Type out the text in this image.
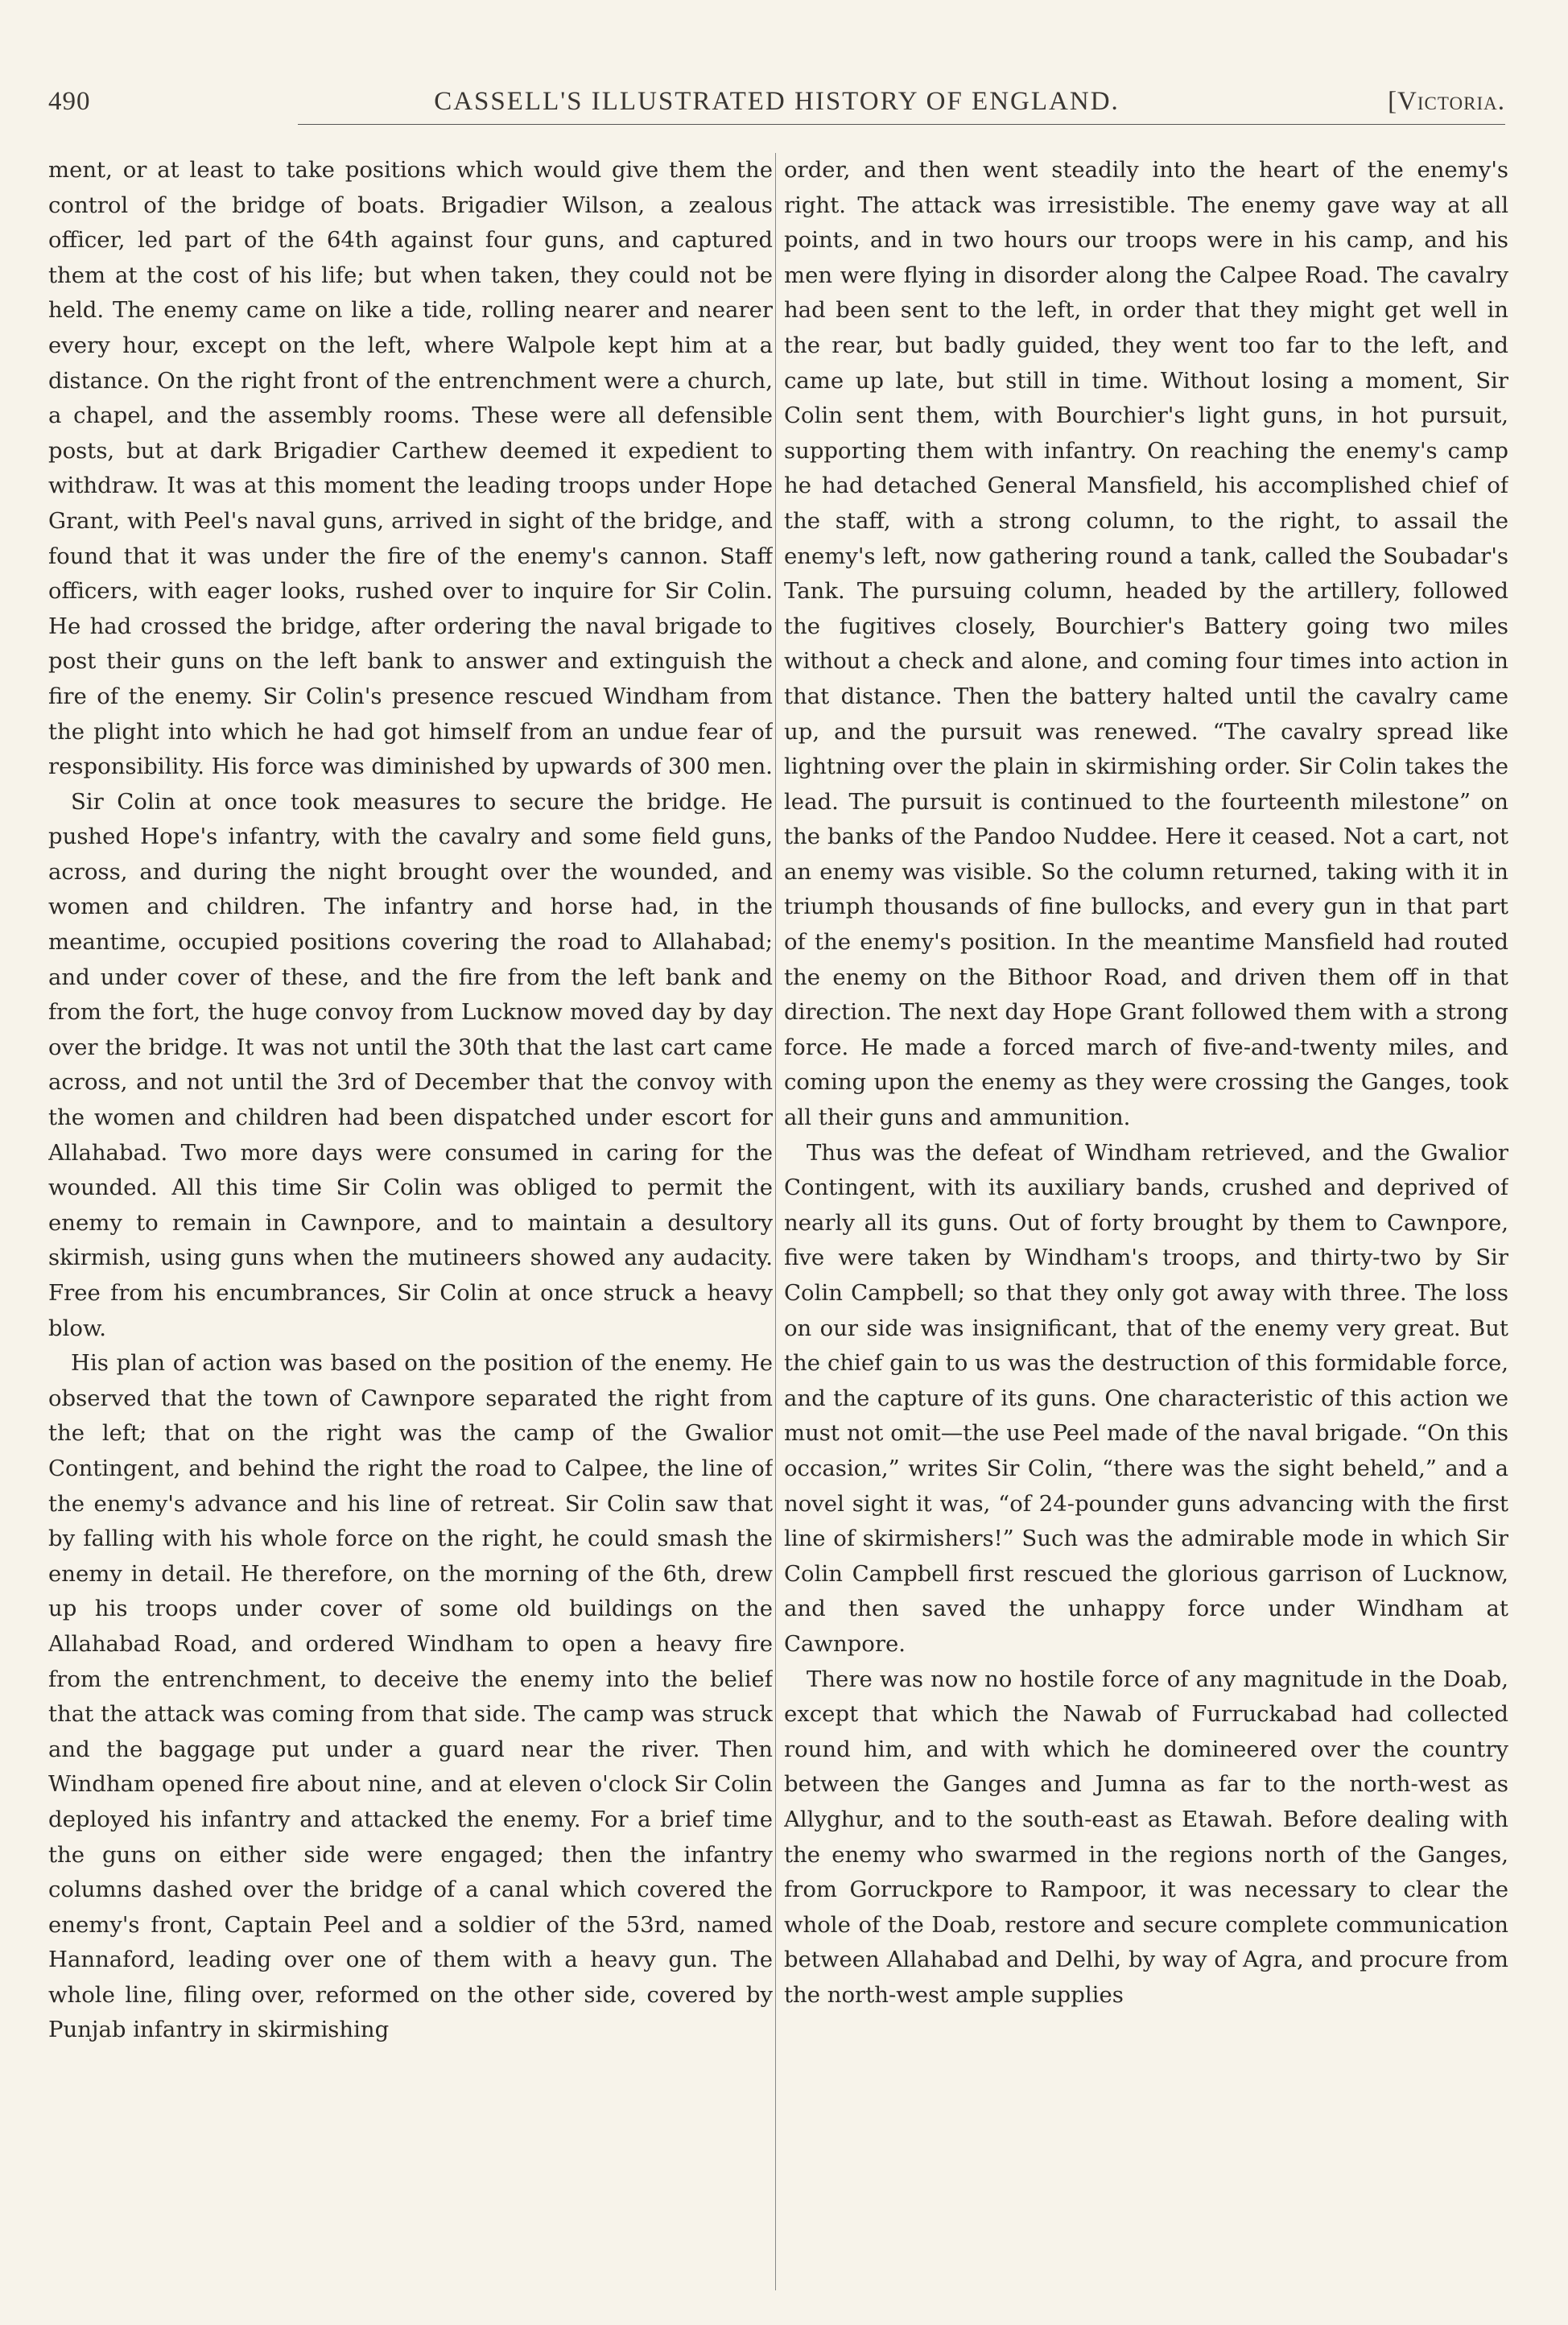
490	CASSELL'S ILLUSTRATED HISTORY OF ENGLAND.	[Victoria.

ment, or at least to take positions which would give them the control of the bridge of boats. Brigadier Wilson, a zealous officer, led part of the 64th against four guns, and captured them at the cost of his life; but when taken, they could not be held. The enemy came on like a tide, rolling nearer and nearer every hour, except on the left, where Walpole kept him at a distance. On the right front of the entrenchment were a church, a chapel, and the assembly rooms. These were all defensible posts, but at dark Brigadier Carthew deemed it expedient to withdraw. It was at this moment the leading troops under Hope Grant, with Peel's naval guns, arrived in sight of the bridge, and found that it was under the fire of the enemy's cannon. Staff officers, with eager looks, rushed over to inquire for Sir Colin. He had crossed the bridge, after ordering the naval brigade to post their guns on the left bank to answer and extinguish the fire of the enemy. Sir Colin's presence rescued Windham from the plight into which he had got himself from an undue fear of responsibility. His force was diminished by upwards of 300 men.

Sir Colin at once took measures to secure the bridge. He pushed Hope's infantry, with the cavalry and some field guns, across, and during the night brought over the wounded, and women and children. The infantry and horse had, in the meantime, occupied positions covering the road to Allahabad; and under cover of these, and the fire from the left bank and from the fort, the huge convoy from Lucknow moved day by day over the bridge. It was not until the 30th that the last cart came across, and not until the 3rd of December that the convoy with the women and children had been dispatched under escort for Allahabad. Two more days were consumed in caring for the wounded. All this time Sir Colin was obliged to permit the enemy to remain in Cawnpore, and to maintain a desultory skirmish, using guns when the mutineers showed any audacity. Free from his encumbrances, Sir Colin at once struck a heavy blow.

His plan of action was based on the position of the enemy. He observed that the town of Cawnpore separated the right from the left; that on the right was the camp of the Gwalior Contingent, and behind the right the road to Calpee, the line of the enemy's advance and his line of retreat. Sir Colin saw that by falling with his whole force on the right, he could smash the enemy in detail. He therefore, on the morning of the 6th, drew up his troops under cover of some old buildings on the Allahabad Road, and ordered Windham to open a heavy fire from the entrenchment, to deceive the enemy into the belief that the attack was coming from that side. The camp was struck and the baggage put under a guard near the river. Then Windham opened fire about nine, and at eleven o'clock Sir Colin deployed his infantry and attacked the enemy. For a brief time the guns on either side were engaged; then the infantry columns dashed over the bridge of a canal which covered the enemy's front, Captain Peel and a soldier of the 53rd, named Hannaford, leading over one of them with a heavy gun. The whole line, filing over, reformed on the other side, covered by Punjab infantry in skirmishing

order, and then went steadily into the heart of the enemy's right. The attack was irresistible. The enemy gave way at all points, and in two hours our troops were in his camp, and his men were flying in disorder along the Calpee Road. The cavalry had been sent to the left, in order that they might get well in the rear, but badly guided, they went too far to the left, and came up late, but still in time. Without losing a moment, Sir Colin sent them, with Bourchier's light guns, in hot pursuit, supporting them with infantry. On reaching the enemy's camp he had detached General Mansfield, his accomplished chief of the staff, with a strong column, to the right, to assail the enemy's left, now gathering round a tank, called the Soubadar's Tank. The pursuing column, headed by the artillery, followed the fugitives closely, Bourchier's Battery going two miles without a check and alone, and coming four times into action in that distance. Then the battery halted until the cavalry came up, and the pursuit was renewed. “The cavalry spread like lightning over the plain in skirmishing order. Sir Colin takes the lead. The pursuit is continued to the fourteenth milestone” on the banks of the Pandoo Nuddee. Here it ceased. Not a cart, not an enemy was visible. So the column returned, taking with it in triumph thousands of fine bullocks, and every gun in that part of the enemy's position. In the meantime Mansfield had routed the enemy on the Bithoor Road, and driven them off in that direction. The next day Hope Grant followed them with a strong force. He made a forced march of five-and-twenty miles, and coming upon the enemy as they were crossing the Ganges, took all their guns and ammunition.

Thus was the defeat of Windham retrieved, and the Gwalior Contingent, with its auxiliary bands, crushed and deprived of nearly all its guns. Out of forty brought by them to Cawnpore, five were taken by Windham's troops, and thirty-two by Sir Colin Campbell; so that they only got away with three. The loss on our side was insignificant, that of the enemy very great. But the chief gain to us was the destruction of this formidable force, and the capture of its guns. One characteristic of this action we must not omit—the use Peel made of the naval brigade. “On this occasion,” writes Sir Colin, “there was the sight beheld,” and a novel sight it was, “of 24-pounder guns advancing with the first line of skirmishers!” Such was the admirable mode in which Sir Colin Campbell first rescued the glorious garrison of Lucknow, and then saved the unhappy force under Windham at Cawnpore.

There was now no hostile force of any magnitude in the Doab, except that which the Nawab of Furruckabad had collected round him, and with which he domineered over the country between the Ganges and Jumna as far to the north-west as Allyghur, and to the south-east as Etawah. Before dealing with the enemy who swarmed in the regions north of the Ganges, from Gorruckpore to Rampoor, it was necessary to clear the whole of the Doab, restore and secure complete communication between Allahabad and Delhi, by way of Agra, and procure from the north-west ample supplies
